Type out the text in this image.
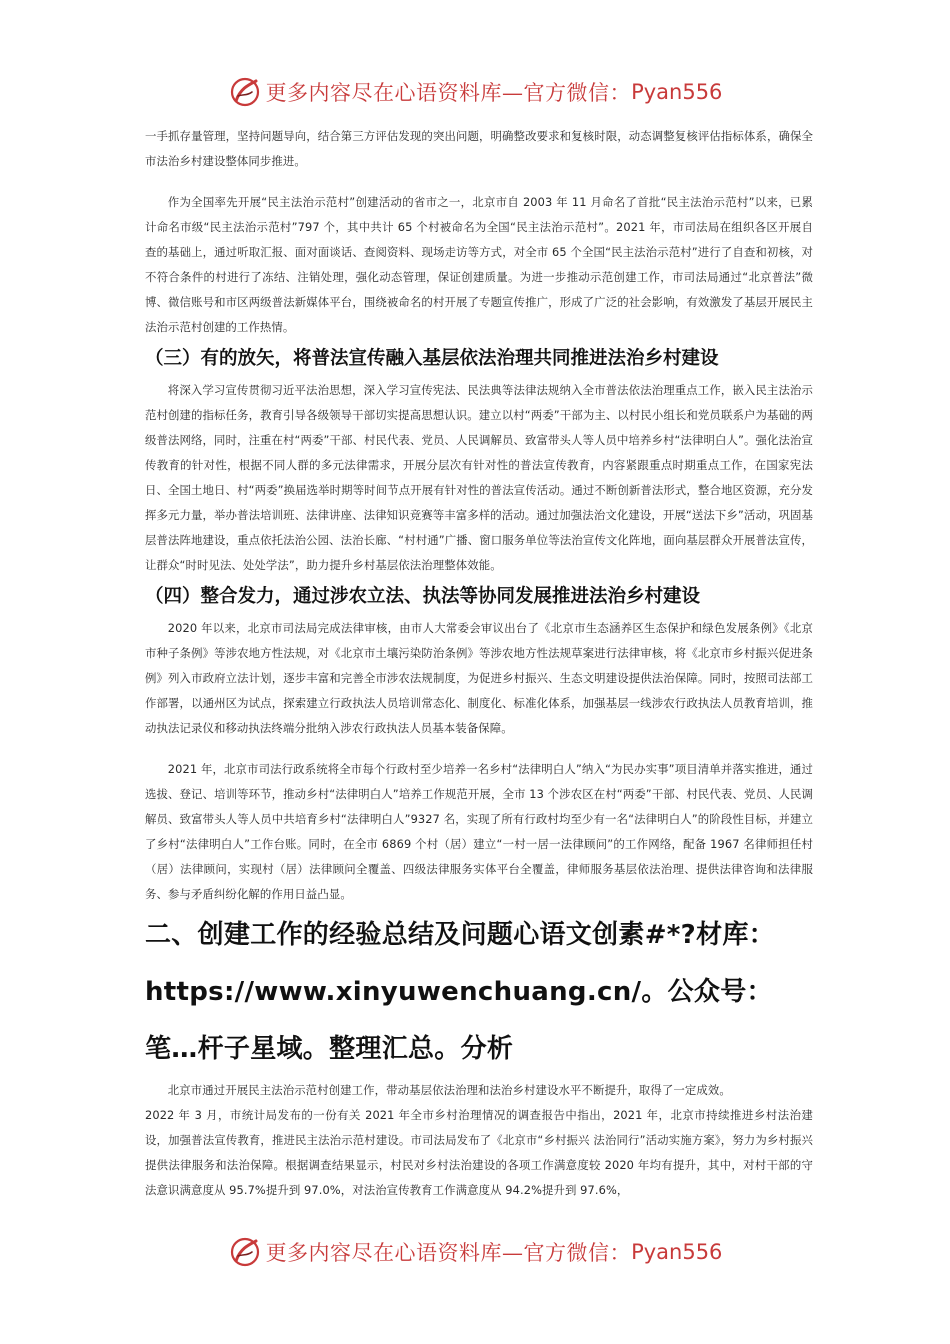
更多内容尽在心语资料库—官方微信： Pyan556

一手抓存量管理，坚持问题导向，结合第三方评估发现的突出问题，明确整改要求和复核时限，动态调整复核评估指标体系，确保全市法治乡村建设整体同步推进。

作为全国率先开展“民主法治示范村”创建活动的省市之一，北京市自 2003 年 11 月命名了首批“民主法治示范村”以来，已累计命名市级“民主法治示范村”797 个，其中共计 65 个村被命名为全国“民主法治示范村”。2021 年，市司法局在组织各区开展自查的基础上，通过听取汇报、面对面谈话、查阅资料、现场走访等方式，对全市 65 个全国“民主法治示范村”进行了自查和初核，对不符合条件的村进行了冻结、注销处理，强化动态管理，保证创建质量。为进一步推动示范创建工作，市司法局通过“北京普法”微博、微信账号和市区两级普法新媒体平台，围绕被命名的村开展了专题宣传推广，形成了广泛的社会影响，有效激发了基层开展民主法治示范村创建的工作热情。

（三）有的放矢，将普法宣传融入基层依法治理共同推进法治乡村建设

将深入学习宣传贯彻习近平法治思想，深入学习宣传宪法、民法典等法律法规纳入全市普法依法治理重点工作，嵌入民主法治示范村创建的指标任务，教育引导各级领导干部切实提高思想认识。建立以村“两委”干部为主、以村民小组长和党员联系户为基础的两级普法网络，同时，注重在村“两委”干部、村民代表、党员、人民调解员、致富带头人等人员中培养乡村“法律明白人”。强化法治宣传教育的针对性，根据不同人群的多元法律需求，开展分层次有针对性的普法宣传教育，内容紧跟重点时期重点工作，在国家宪法日、全国土地日、村“两委”换届选举时期等时间节点开展有针对性的普法宣传活动。通过不断创新普法形式，整合地区资源，充分发挥多元力量，举办普法培训班、法律讲座、法律知识竞赛等丰富多样的活动。通过加强法治文化建设，开展“送法下乡”活动，巩固基层普法阵地建设，重点依托法治公园、法治长廊、“村村通”广播、窗口服务单位等法治宣传文化阵地，面向基层群众开展普法宣传，让群众“时时见法、处处学法”，助力提升乡村基层依法治理整体效能。

（四）整合发力，通过涉农立法、执法等协同发展推进法治乡村建设

2020 年以来，北京市司法局完成法律审核，由市人大常委会审议出台了《北京市生态涵养区生态保护和绿色发展条例》《北京市种子条例》等涉农地方性法规，对《北京市土壤污染防治条例》等涉农地方性法规草案进行法律审核，将《北京市乡村振兴促进条例》列入市政府立法计划，逐步丰富和完善全市涉农法规制度，为促进乡村振兴、生态文明建设提供法治保障。同时，按照司法部工作部署，以通州区为试点，探索建立行政执法人员培训常态化、制度化、标准化体系，加强基层一线涉农行政执法人员教育培训，推动执法记录仪和移动执法终端分批纳入涉农行政执法人员基本装备保障。

2021 年，北京市司法行政系统将全市每个行政村至少培养一名乡村“法律明白人”纳入“为民办实事”项目清单并落实推进，通过选拔、登记、培训等环节，推动乡村“法律明白人”培养工作规范开展，全市 13 个涉农区在村“两委”干部、村民代表、党员、人民调解员、致富带头人等人员中共培育乡村“法律明白人”9327 名，实现了所有行政村均至少有一名“法律明白人”的阶段性目标，并建立了乡村“法律明白人”工作台账。同时，在全市 6869 个村（居）建立“一村一居一法律顾问”的工作网络，配备 1967 名律师担任村（居）法律顾问，实现村（居）法律顾问全覆盖、四级法律服务实体平台全覆盖，律师服务基层依法治理、提供法律咨询和法律服务、参与矛盾纠纷化解的作用日益凸显。

二、创建工作的经验总结及问题心语文创素#*?材库：
https://www.xinyuwenchuang.cn/。公众号：
笔…杆子星域。整理汇总。分析

北京市通过开展民主法治示范村创建工作，带动基层依法治理和法治乡村建设水平不断提升，取得了一定成效。

2022 年 3 月，市统计局发布的一份有关 2021 年全市乡村治理情况的调查报告中指出，2021 年，北京市持续推进乡村法治建设，加强普法宣传教育，推进民主法治示范村建设。市司法局发布了《北京市“乡村振兴 法治同行”活动实施方案》，努力为乡村振兴提供法律服务和法治保障。根据调查结果显示，村民对乡村法治建设的各项工作满意度较 2020 年均有提升，其中，对村干部的守法意识满意度从 95.7%提升到 97.0%，对法治宣传教育工作满意度从 94.2%提升到 97.6%，

更多内容尽在心语资料库—官方微信： Pyan556
